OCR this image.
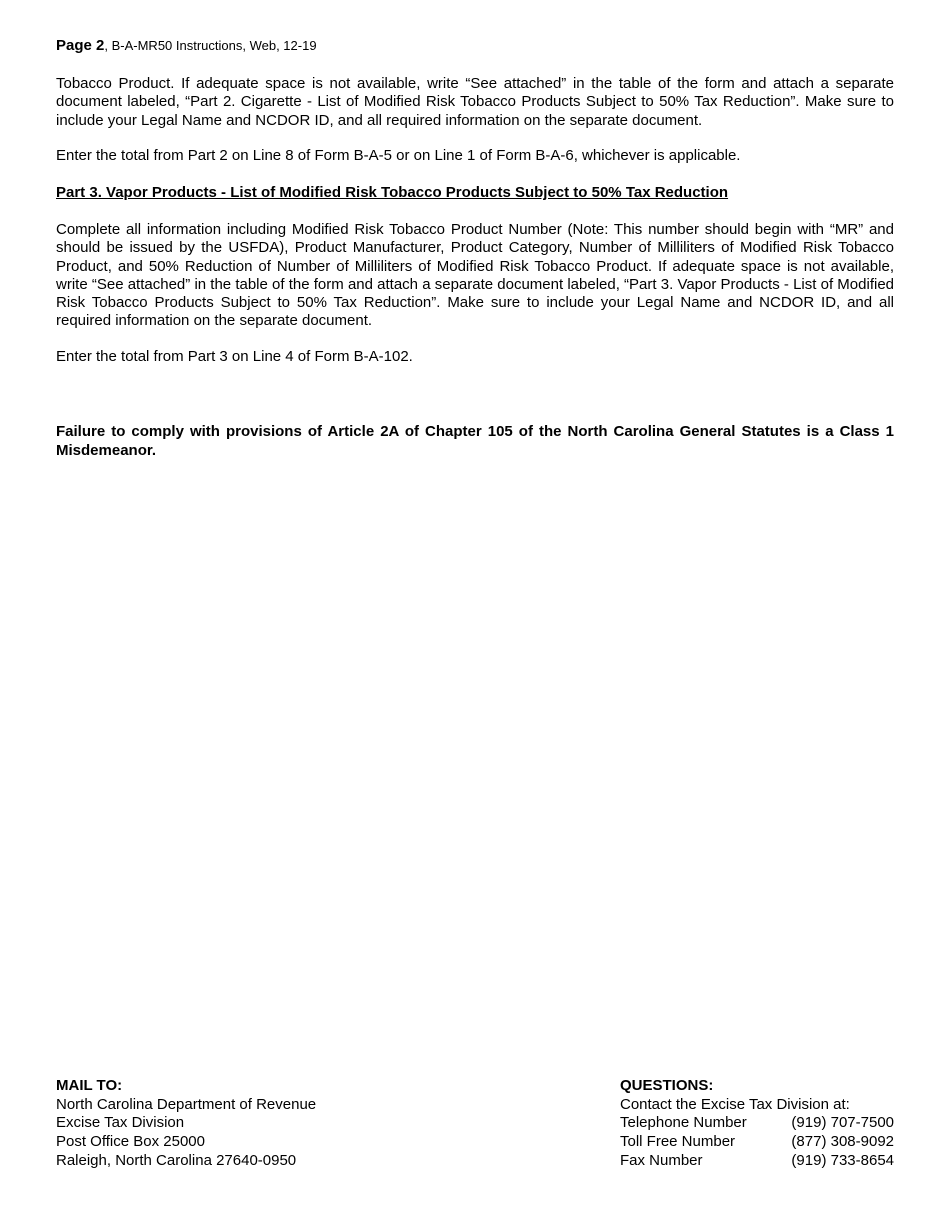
Page 2, B-A-MR50 Instructions, Web, 12-19

Tobacco Product. If adequate space is not available, write “See attached” in the table of the form and attach a separate document labeled, “Part 2. Cigarette - List of Modified Risk Tobacco Products Subject to 50% Tax Reduction”. Make sure to include your Legal Name and NCDOR ID, and all required information on the separate document.

Enter the total from Part 2 on Line 8 of Form B-A-5 or on Line 1 of Form B-A-6, whichever is applicable.

Part 3. Vapor Products - List of Modified Risk Tobacco Products Subject to 50% Tax Reduction

Complete all information including Modified Risk Tobacco Product Number (Note: This number should begin with “MR” and should be issued by the USFDA), Product Manufacturer, Product Category, Number of Milliliters of Modified Risk Tobacco Product, and 50% Reduction of Number of Milliliters of Modified Risk Tobacco Product. If adequate space is not available, write “See attached” in the table of the form and attach a separate document labeled, “Part 3. Vapor Products - List of Modified Risk Tobacco Products Subject to 50% Tax Reduction”. Make sure to include your Legal Name and NCDOR ID, and all required information on the separate document.

Enter the total from Part 3 on Line 4 of Form B-A-102.

Failure to comply with provisions of Article 2A of Chapter 105 of the North Carolina General Statutes is a Class 1 Misdemeanor.

MAIL TO:
North Carolina Department of Revenue
Excise Tax Division
Post Office Box 25000
Raleigh, North Carolina 27640-0950
QUESTIONS:
Contact the Excise Tax Division at:
Telephone Number	(919) 707-7500
Toll Free Number	(877) 308-9092
Fax Number	(919) 733-8654
